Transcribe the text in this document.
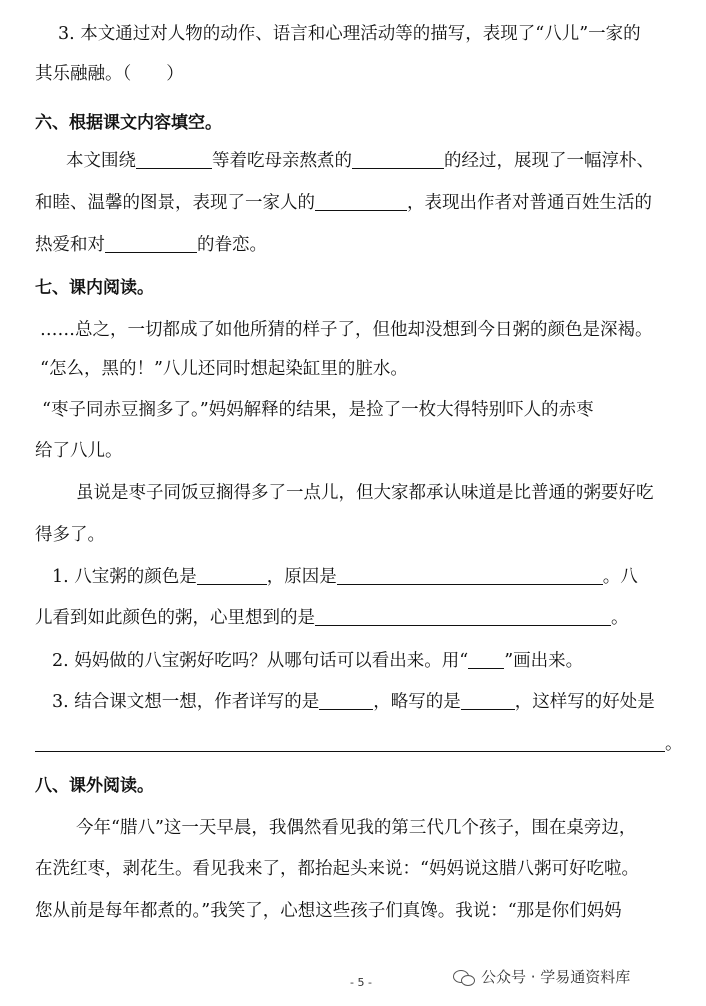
3. 本文通过对人物的动作、语言和心理活动等的描写，表现了“八儿”一家的
其乐融融。（　　）
六、根据课文内容填空。
本文围绕	等着吃母亲熬煮的	的经过，展现了一幅淳朴、
和睦、温馨的图景，表现了一家人的	，表现出作者对普通百姓生活的
热爱和对	的眷恋。
七、课内阅读。
……总之，一切都成了如他所猜的样子了，但他却没想到今日粥的颜色是深褐。
“怎么，黑的！”八儿还同时想起染缸里的脏水。
“枣子同赤豆搁多了。”妈妈解释的结果，是捡了一枚大得特别吓人的赤枣
给了八儿。
虽说是枣子同饭豆搁得多了一点儿，但大家都承认味道是比普通的粥要好吃
得多了。
1. 八宝粥的颜色是	，原因是	。八
儿看到如此颜色的粥，心里想到的是	。
2. 妈妈做的八宝粥好吃吗？从哪句话可以看出来。用“ ”画出来。
3. 结合课文想一想，作者详写的是	，略写的是	，这样写的好处是
。
八、课外阅读。
今年“腊八”这一天早晨，我偶然看见我的第三代几个孩子，围在桌旁边，
在洗红枣，剥花生。看见我来了，都抬起头来说：“妈妈说这腊八粥可好吃啦。
您从前是每年都煮的。”我笑了，心想这些孩子们真馋。我说：“那是你们妈妈
- 5 -	公众号 · 学易通资料库
